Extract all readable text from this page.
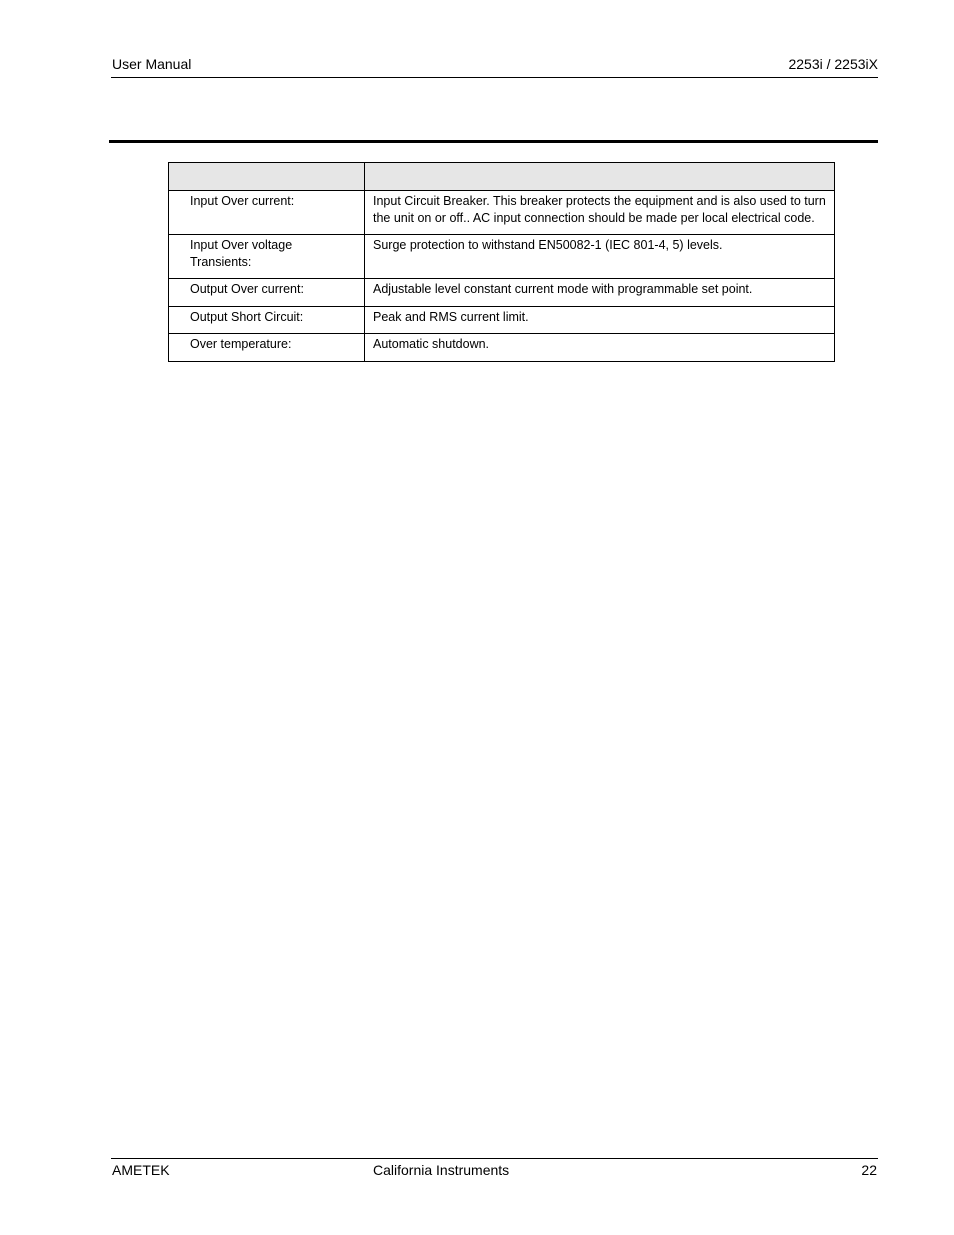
User Manual	2253i / 2253iX

Input Over current:	Input Circuit Breaker. This breaker protects the equipment and is also used to turn the unit on or off.. AC input connection should be made per local electrical code.
Input Over voltage Transients:	Surge protection to withstand EN50082-1 (IEC 801-4, 5) levels.
Output Over current:	Adjustable level constant current mode with programmable set point.
Output Short Circuit:	Peak and RMS current limit.
Over temperature:	Automatic shutdown.
AMETEK	California Instruments	22
